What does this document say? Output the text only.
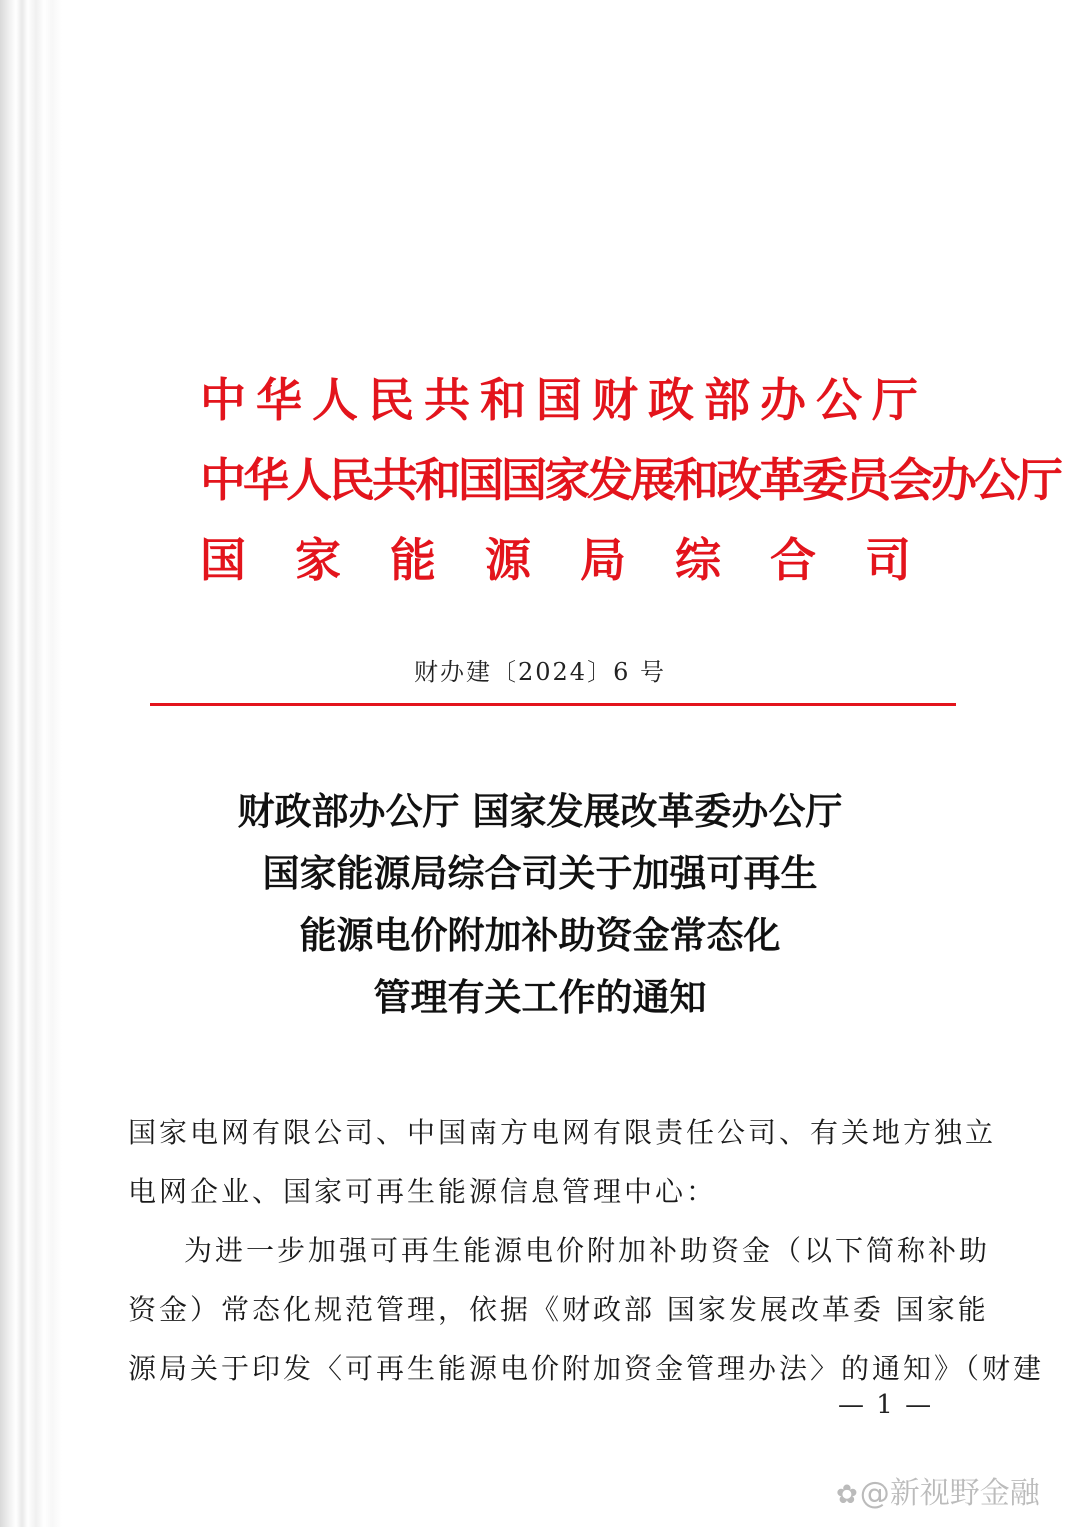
中华人民共和国财政部办公厅
中华人民共和国国家发展和改革委员会办公厅
国家能源局综合司
财办建〔2024〕6 号
财政部办公厅 国家发展改革委办公厅
国家能源局综合司关于加强可再生
能源电价附加补助资金常态化
管理有关工作的通知
国家电网有限公司、中国南方电网有限责任公司、有关地方独立
电网企业、国家可再生能源信息管理中心：
为进一步加强可再生能源电价附加补助资金（以下简称补助
资金）常态化规范管理，依据《财政部 国家发展改革委 国家能
源局关于印发〈可再生能源电价附加资金管理办法〉的通知》（财建
— 1 —
✿@新视野金融
